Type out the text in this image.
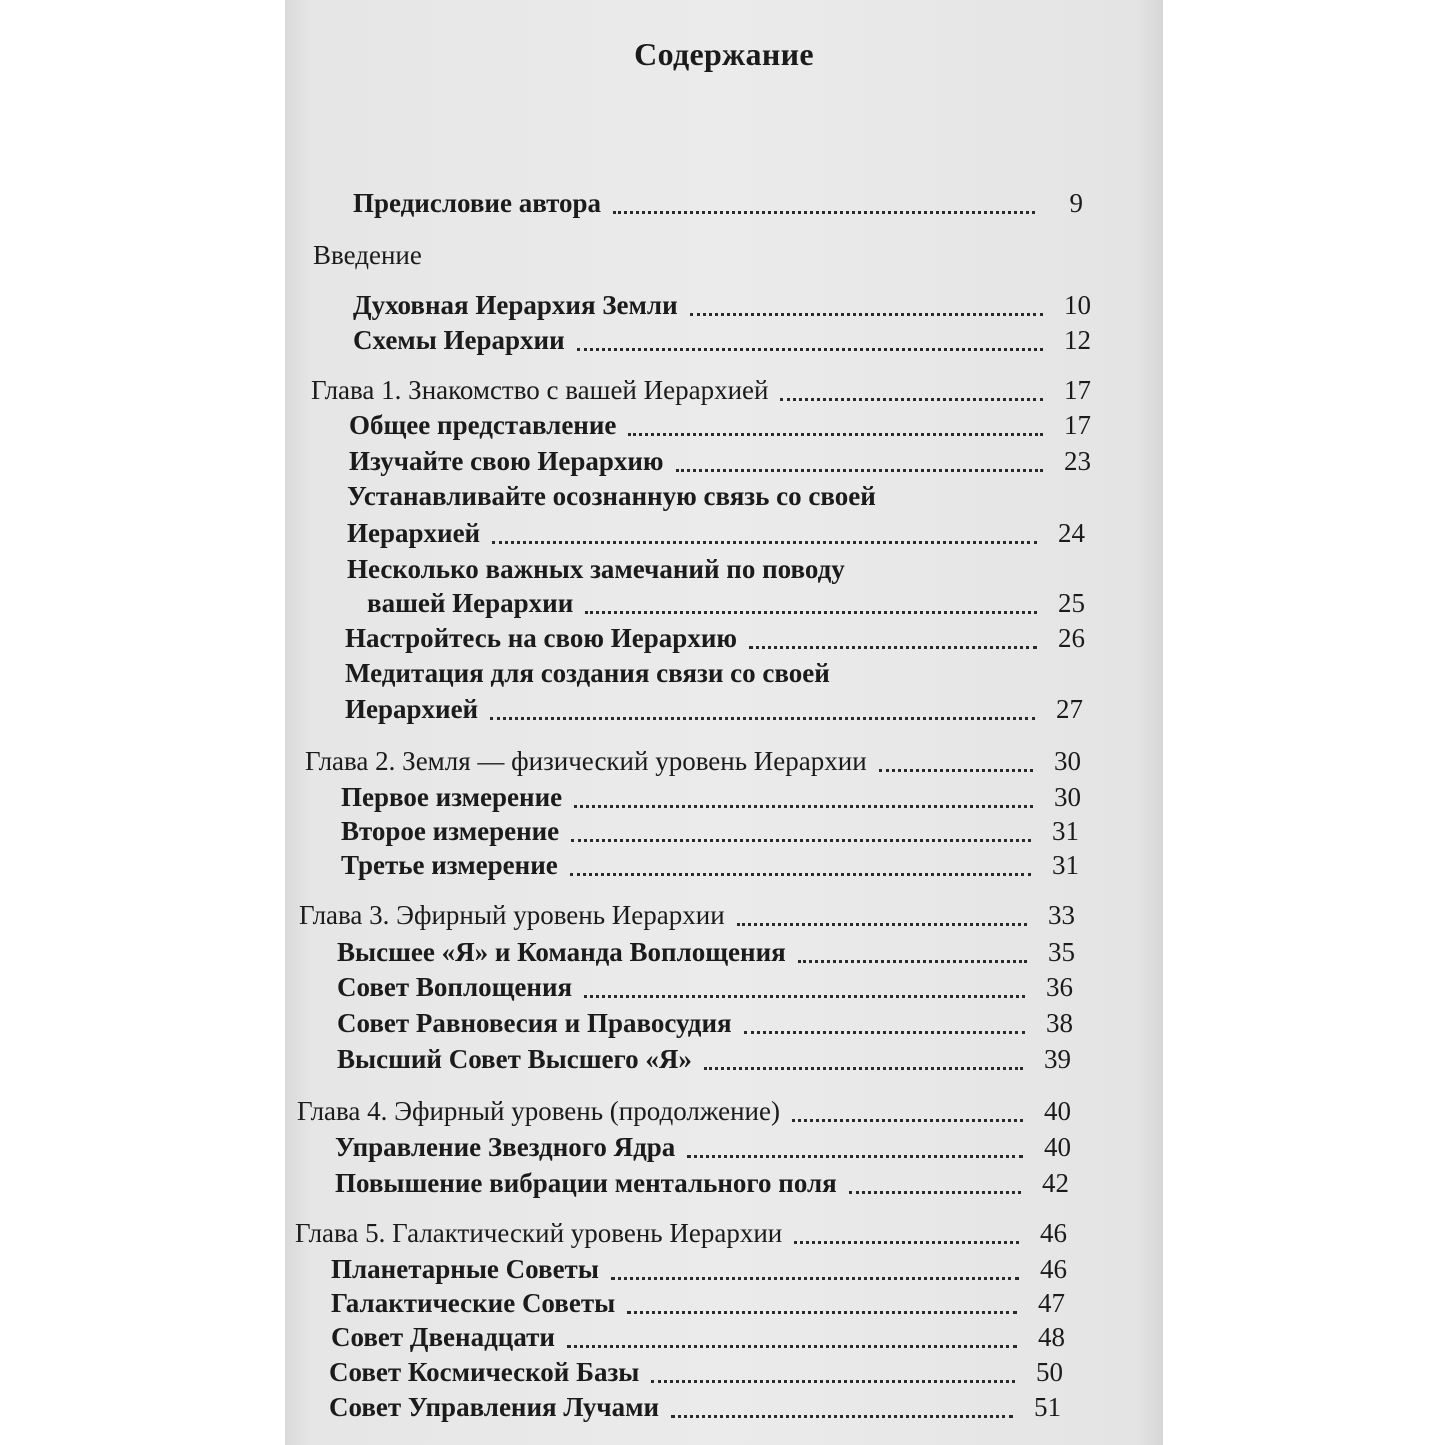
Содержание
Предисловие автора	9
Введение
Духовная Иерархия Земли	10
Схемы Иерархии	12
Глава 1. Знакомство с вашей Иерархией	17
Общее представление	17
Изучайте свою Иерархию	23
Устанавливайте осознанную связь со своей
Иерархией	24
Несколько важных замечаний по поводу
вашей Иерархии	25
Настройтесь на свою Иерархию	26
Медитация для создания связи со своей
Иерархией	27
Глава 2. Земля — физический уровень Иерархии	30
Первое измерение	30
Второе измерение	31
Третье измерение	31
Глава 3. Эфирный уровень Иерархии	33
Высшее «Я» и Команда Воплощения	35
Совет Воплощения	36
Совет Равновесия и Правосудия	38
Высший Совет Высшего «Я»	39
Глава 4. Эфирный уровень (продолжение)	40
Управление Звездного Ядра	40
Повышение вибрации ментального поля	42
Глава 5. Галактический уровень Иерархии	46
Планетарные Советы	46
Галактические Советы	47
Совет Двенадцати	48
Совет Космической Базы	50
Совет Управления Лучами	51
